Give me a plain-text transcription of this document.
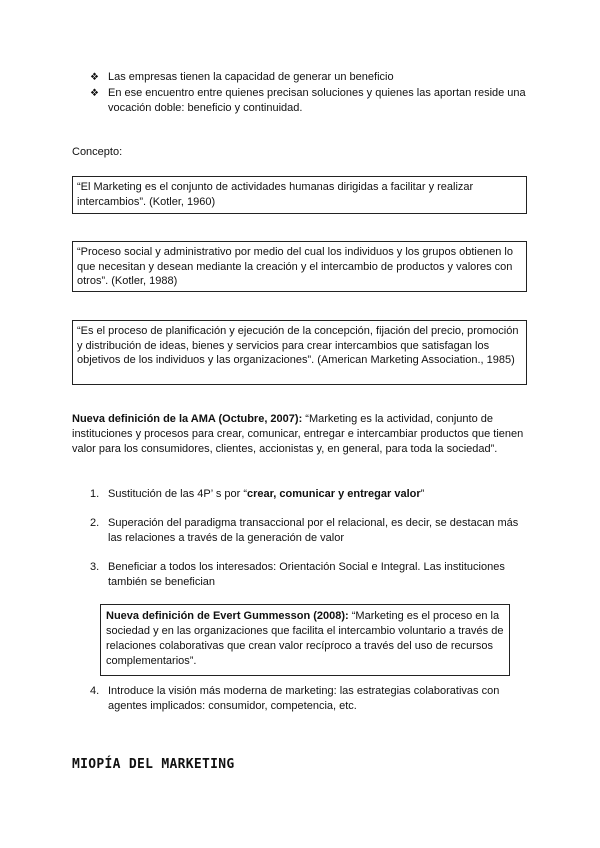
❖ Las empresas tienen la capacidad de generar un beneficio
❖ En ese encuentro entre quienes precisan soluciones y quienes las aportan reside una vocación doble: beneficio y continuidad.
Concepto:
“El Marketing es el conjunto de actividades humanas dirigidas a facilitar y realizar intercambios”. (Kotler, 1960)
“Proceso social y administrativo por medio del cual los individuos y los grupos obtienen lo que necesitan y desean mediante la creación y el intercambio de productos y valores con otros”. (Kotler, 1988)
“Es el proceso de planificación y ejecución de la concepción, fijación del precio, promoción y distribución de ideas, bienes y servicios para crear intercambios que satisfagan los objetivos de los individuos y las organizaciones”. (American Marketing Association., 1985)
Nueva definición de la AMA (Octubre, 2007): “Marketing es la actividad, conjunto de instituciones y procesos para crear, comunicar, entregar e intercambiar productos que tienen valor para los consumidores, clientes, accionistas y, en general, para toda la sociedad”.
1. Sustitución de las 4P’ s por “crear, comunicar y entregar valor”
2. Superación del paradigma transaccional por el relacional, es decir, se destacan más las relaciones a través de la generación de valor
3. Beneficiar a todos los interesados: Orientación Social e Integral. Las instituciones también se benefician
4. Introduce la visión más moderna de marketing: las estrategias colaborativas con agentes implicados: consumidor, competencia, etc.
Nueva definición de Evert Gummesson (2008): “Marketing es el proceso en la sociedad y en las organizaciones que facilita el intercambio voluntario a través de relaciones colaborativas que crean valor recíproco a través del uso de recursos complementarios”.
MIOPÍA DEL MARKETING
